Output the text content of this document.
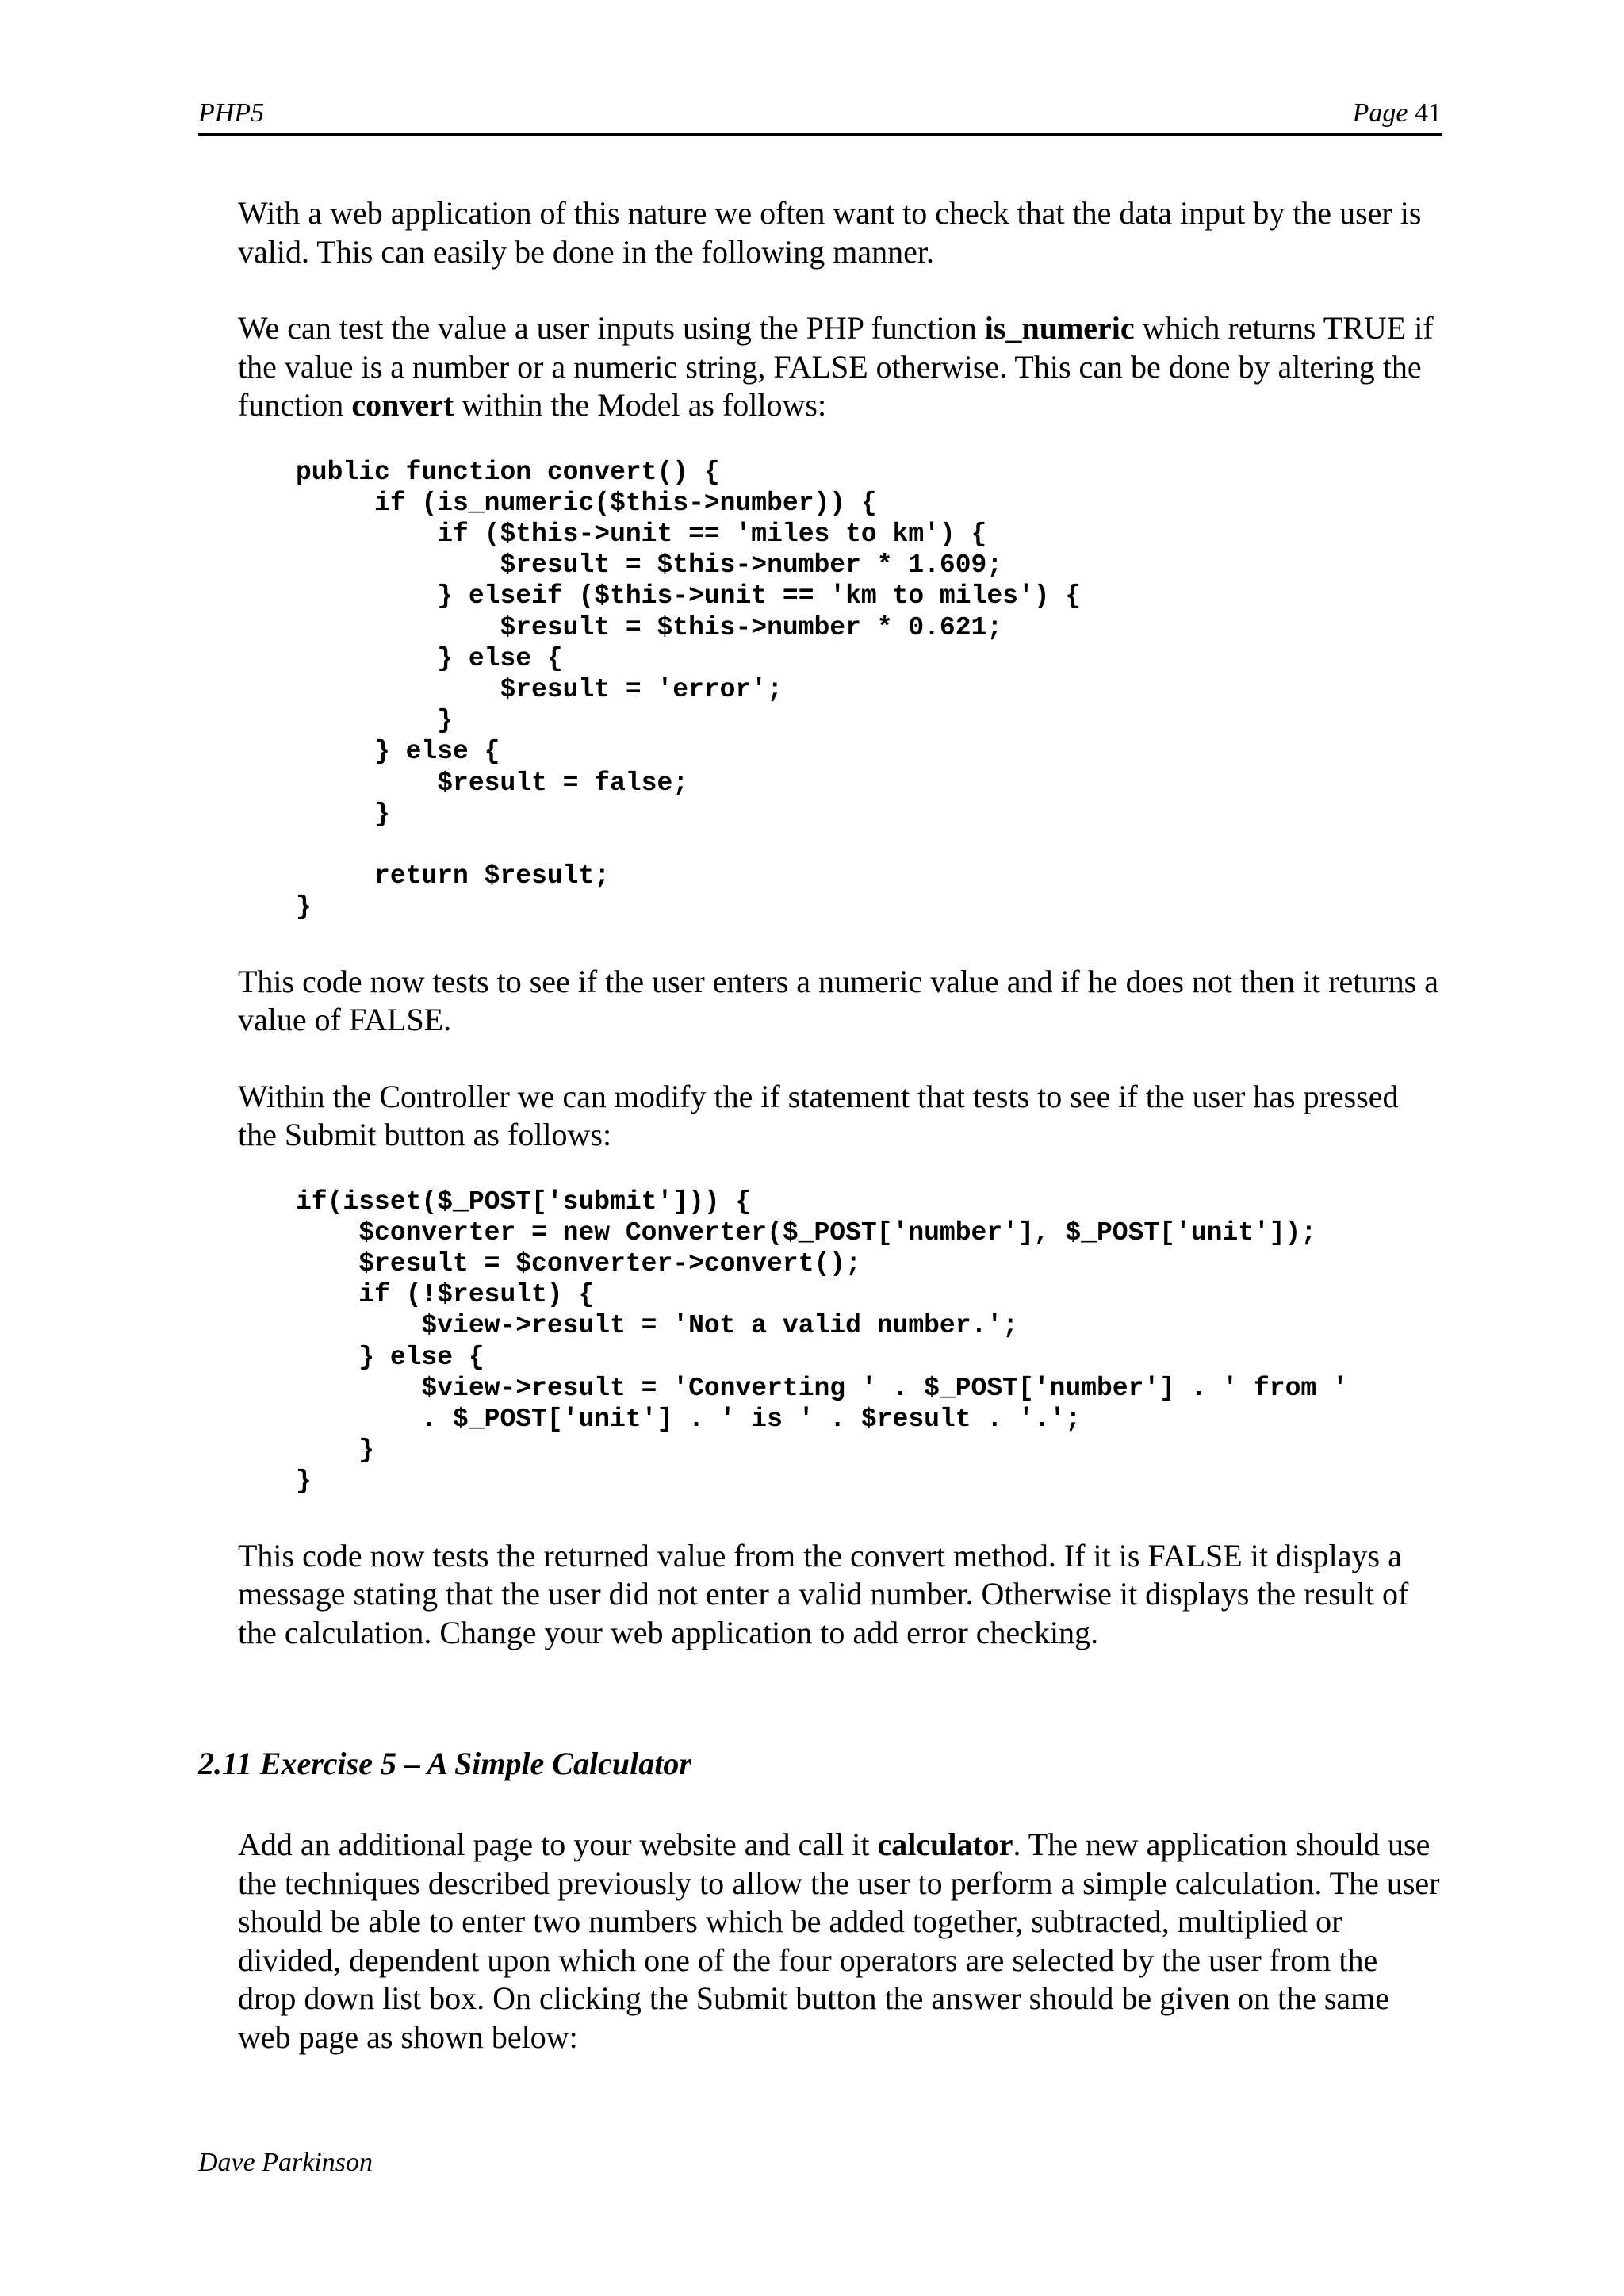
PHP5	Page 41

With a web application of this nature we often want to check that the data input by the user is valid. This can easily be done in the following manner.

We can test the value a user inputs using the PHP function is_numeric which returns TRUE if the value is a number or a numeric string, FALSE otherwise. This can be done by altering the function convert within the Model as follows:

public function convert() {
if (is_numeric($this->number)) {
if ($this->unit == 'miles to km') {
$result = $this->number * 1.609;
} elseif ($this->unit == 'km to miles') {
$result = $this->number * 0.621;
} else {
$result = 'error';
}
} else {
$result = false;
}

return $result;
}

This code now tests to see if the user enters a numeric value and if he does not then it returns a value of FALSE.

Within the Controller we can modify the if statement that tests to see if the user has pressed the Submit button as follows:

if(isset($_POST['submit'])) {
$converter = new Converter($_POST['number'], $_POST['unit']);
$result = $converter->convert();
if (!$result) {
$view->result = 'Not a valid number.';
} else {
$view->result = 'Converting ' . $_POST['number'] . ' from '
. $_POST['unit'] . ' is ' . $result . '.';
}
}

This code now tests the returned value from the convert method. If it is FALSE it displays a message stating that the user did not enter a valid number. Otherwise it displays the result of the calculation. Change your web application to add error checking.

2.11 Exercise 5 – A Simple Calculator

Add an additional page to your website and call it calculator. The new application should use the techniques described previously to allow the user to perform a simple calculation. The user should be able to enter two numbers which be added together, subtracted, multiplied or divided, dependent upon which one of the four operators are selected by the user from the drop down list box. On clicking the Submit button the answer should be given on the same web page as shown below:

Dave Parkinson
